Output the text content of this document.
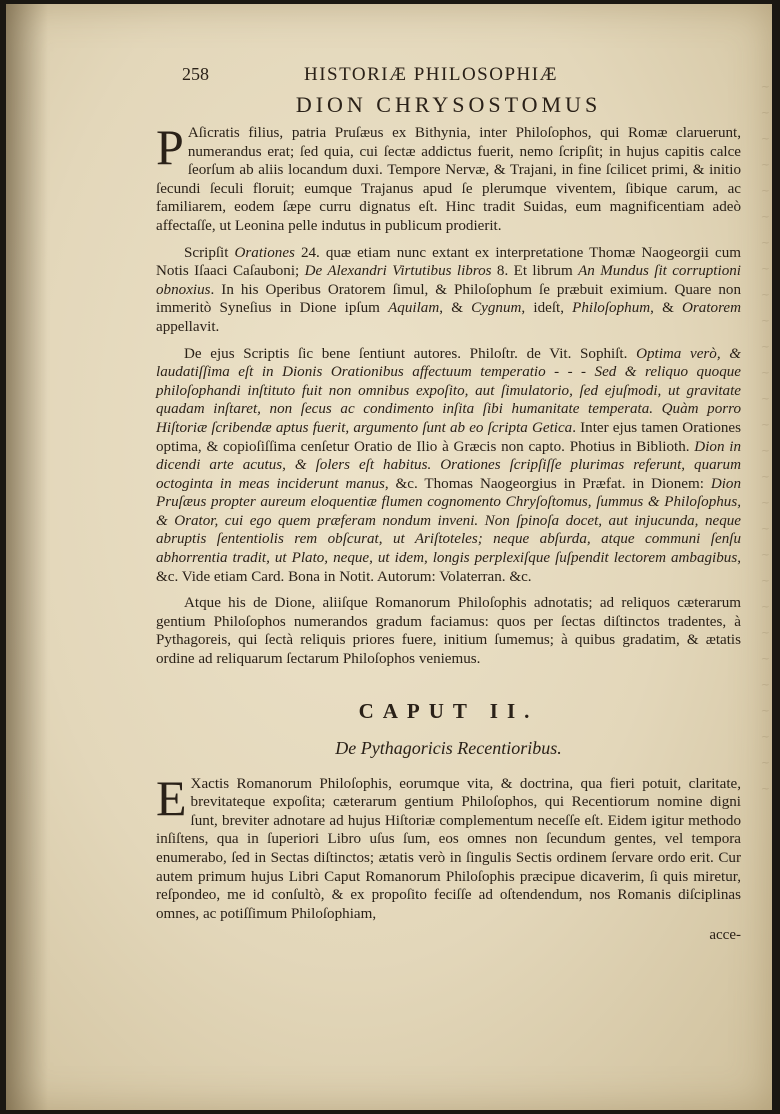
~
~
~
~
~
~
~
~
~
~
~
~
~
~
~
~
~
~
~
~
~
~
~
~
~
~
~
~
258	HISTORIÆ PHILOSOPHIÆ
DION CHRYSOSTOMUS

P Aſicratis filius, patria Pruſæus ex Bithynia, inter Philoſophos, qui Romæ claruerunt, numerandus erat; ſed quia, cui ſectæ addictus fuerit, nemo ſcripſit; in hujus capitis calce ſeorſum ab aliis locandum duxi. Tempore Nervæ, & Trajani, in fine ſcilicet primi, & initio ſecundi ſeculi floruit; eumque Trajanus apud ſe plerumque viventem, ſibique carum, ac familiarem, eodem ſæpe curru dignatus eſt. Hinc tradit Suidas, eum magnificentiam adeò affectaſſe, ut Leonina pelle indutus in publicum prodierit.

Scripſit Orationes 24. quæ etiam nunc extant ex interpretatione Thomæ Naogeorgii cum Notis Iſaaci Caſauboni; De Alexandri Virtutibus libros 8. Et librum An Mundus ſit corruptioni obnoxius. In his Operibus Oratorem ſimul, & Philoſophum ſe præbuit eximium. Quare non immeritò Syneſius in Dione ipſum Aquilam, & Cygnum, ideſt, Philoſophum, & Oratorem appellavit.

De ejus Scriptis ſic bene ſentiunt autores. Philoſtr. de Vit. Sophiſt. Optima verò, & laudatiſſima eſt in Dionis Orationibus affectuum temperatio - - - Sed & reliquo quoque philoſophandi inſtituto fuit non omnibus expoſito, aut ſimulatorio, ſed ejuſmodi, ut gravitate quadam inſtaret, non ſecus ac condimento inſita ſibi humanitate temperata. Quàm porro Hiſtoriæ ſcribendæ aptus fuerit, argumento ſunt ab eo ſcripta Getica. Inter ejus tamen Orationes optima, & copioſiſſima cenſetur Oratio de Ilio à Græcis non capto. Photius in Biblioth. Dion in dicendi arte acutus, & ſolers eſt habitus. Orationes ſcripſiſſe plurimas referunt, quarum octoginta in meas inciderunt manus, &c. Thomas Naogeorgius in Præfat. in Dionem: Dion Pruſæus propter aureum eloquentiæ flumen cognomento Chryſoſtomus, ſummus & Philoſophus, & Orator, cui ego quem præferam nondum inveni. Non ſpinoſa docet, aut injucunda, neque abruptis ſententiolis rem obſcurat, ut Ariſtoteles; neque abſurda, atque communi ſenſu abhorrentia tradit, ut Plato, neque, ut idem, longis perplexiſque ſuſpendit lectorem ambagibus, &c. Vide etiam Card. Bona in Notit. Autorum: Volaterran. &c.

Atque his de Dione, aliiſque Romanorum Philoſophis adnotatis; ad reliquos cæterarum gentium Philoſophos numerandos gradum faciamus: quos per ſectas diſtinctos tradentes, à Pythagoreis, qui ſectà reliquis priores fuere, initium ſumemus; à quibus gradatim, & ætatis ordine ad reliquarum ſectarum Philoſophos veniemus.

CAPUT II.
De Pythagoricis Recentioribus.

E Xactis Romanorum Philoſophis, eorumque vita, & doctrina, qua fieri potuit, claritate, brevitateque expoſita; cæterarum gentium Philoſophos, qui Recentiorum nomine digni ſunt, breviter adnotare ad hujus Hiſtoriæ complementum neceſſe eſt. Eidem igitur methodo inſiſtens, qua in ſuperiori Libro uſus ſum, eos omnes non ſecundum gentes, vel tempora enumerabo, ſed in Sectas diſtinctos; ætatis verò in ſingulis Sectis ordinem ſervare ordo erit. Cur autem primum hujus Libri Caput Romanorum Philoſophis præcipue dicaverim, ſi quis miretur, reſpondeo, me id conſultò, & ex propoſito feciſſe ad oſtendendum, nos Romanis diſciplinas omnes, ac potiſſimum Philoſophiam,

acce-
